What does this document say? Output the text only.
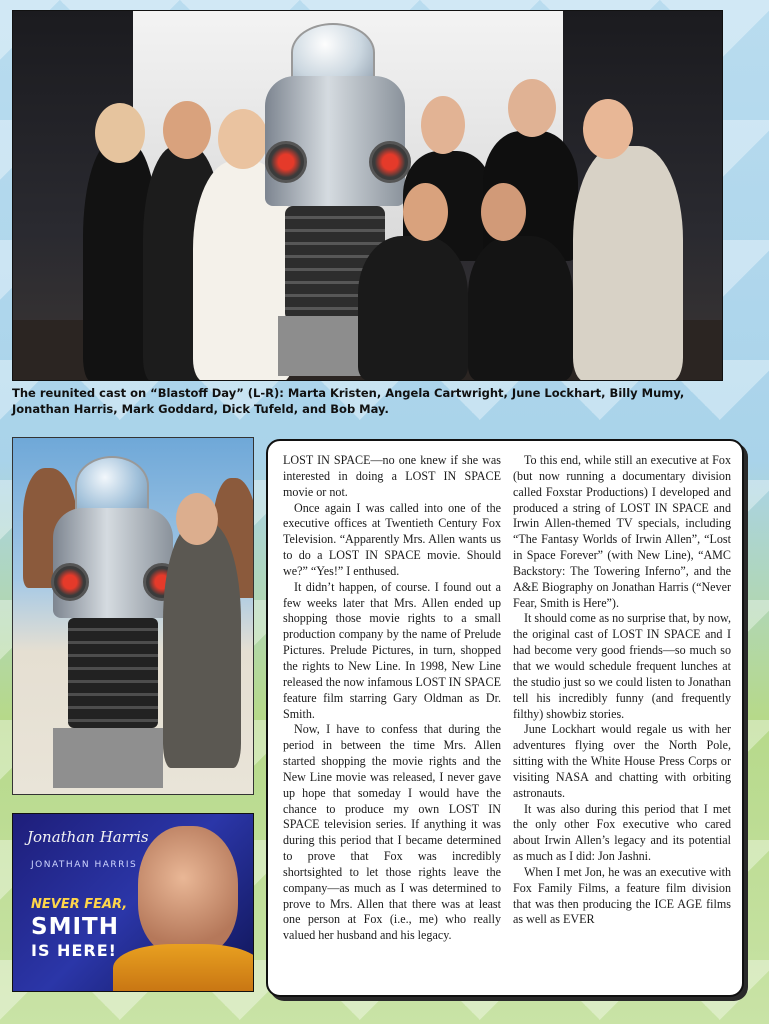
The reunited cast on “Blastoff Day” (L-R): Marta Kristen, Angela Cartwright, June Lockhart, Billy Mumy, Jonathan Harris, Mark Goddard, Dick Tufeld, and Bob May.
Jonathan Harris
JONATHAN HARRIS
NEVER FEAR,
SMITH
IS HERE!

LOST IN SPACE—no one knew if she was interested in doing a LOST IN SPACE movie or not.

Once again I was called into one of the executive offices at Twentieth Century Fox Television. “Apparently Mrs. Allen wants us to do a LOST IN SPACE movie. Should we?” “Yes!” I enthused.

It didn’t happen, of course. I found out a few weeks later that Mrs. Allen ended up shopping those movie rights to a small production company by the name of Prelude Pictures. Prelude Pictures, in turn, shopped the rights to New Line. In 1998, New Line released the now infamous LOST IN SPACE feature film starring Gary Oldman as Dr. Smith.

Now, I have to confess that during the period in between the time Mrs. Allen started shopping the movie rights and the New Line movie was released, I never gave up hope that someday I would have the chance to produce my own LOST IN SPACE television series. If anything it was during this period that I became determined to prove that Fox was incredibly shortsighted to let those rights leave the company—as much as I was determined to prove to Mrs. Allen that there was at least one person at Fox (i.e., me) who really valued her husband and his legacy.

To this end, while still an executive at Fox (but now running a documentary division called Foxstar Productions) I developed and produced a string of LOST IN SPACE and Irwin Allen-themed TV specials, including “The Fantasy Worlds of Irwin Allen”, “Lost in Space Forever” (with New Line), “AMC Backstory: The Towering Inferno”, and the A&E Biography on Jonathan Harris (“Never Fear, Smith is Here”).

It should come as no surprise that, by now, the original cast of LOST IN SPACE and I had become very good friends—so much so that we would schedule frequent lunches at the studio just so we could listen to Jonathan tell his incredibly funny (and frequently filthy) showbiz stories.

June Lockhart would regale us with her adventures flying over the North Pole, sitting with the White House Press Corps or visiting NASA and chatting with orbiting astronauts.

It was also during this period that I met the only other Fox executive who cared about Irwin Allen’s legacy and its potential as much as I did: Jon Jashni.

When I met Jon, he was an executive with Fox Family Films, a feature film division that was then producing the ICE AGE films as well as EVER
